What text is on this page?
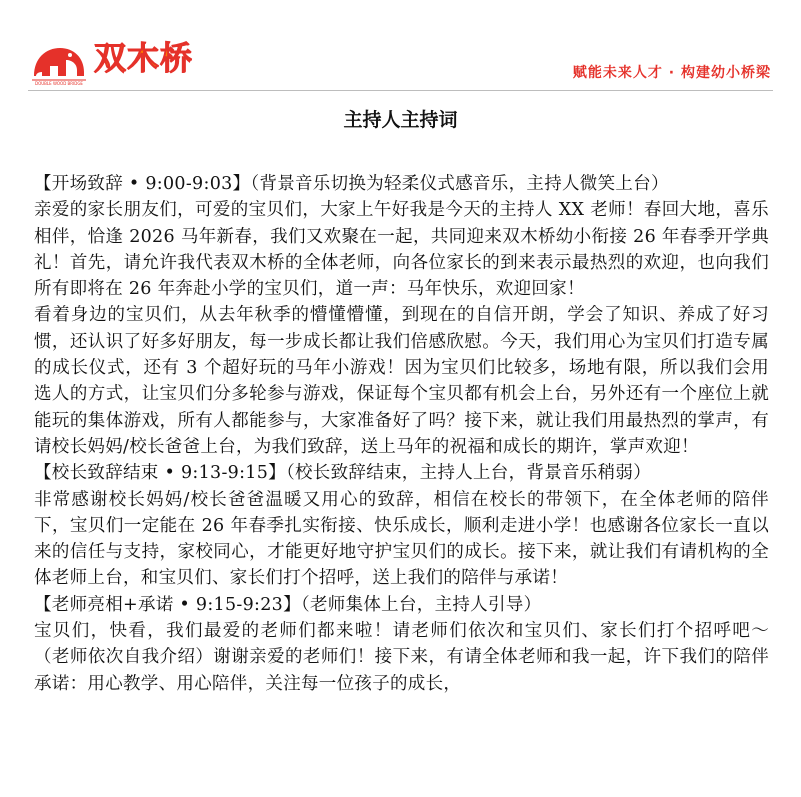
DOUBLE WOOD BRIDGE
双木桥	赋能未来人才 · 构建幼小桥梁
主持人主持词

【开场致辞 • 9:00-9:03】（背景音乐切换为轻柔仪式感音乐，主持人微笑上台）

亲爱的家长朋友们，可爱的宝贝们，大家上午好我是今天的主持人 XX 老师！春回大地，喜乐相伴，恰逢 2026 马年新春，我们又欢聚在一起，共同迎来双木桥幼小衔接 26 年春季开学典礼！首先，请允许我代表双木桥的全体老师，向各位家长的到来表示最热烈的欢迎，也向我们所有即将在 26 年奔赴小学的宝贝们，道一声：马年快乐，欢迎回家！

看着身边的宝贝们，从去年秋季的懵懂懵懂，到现在的自信开朗，学会了知识、养成了好习惯，还认识了好多好朋友，每一步成长都让我们倍感欣慰。今天，我们用心为宝贝们打造专属的成长仪式，还有 3 个超好玩的马年小游戏！因为宝贝们比较多，场地有限，所以我们会用选人的方式，让宝贝们分多轮参与游戏，保证每个宝贝都有机会上台，另外还有一个座位上就能玩的集体游戏，所有人都能参与，大家准备好了吗？接下来，就让我们用最热烈的掌声，有请校长妈妈/校长爸爸上台，为我们致辞，送上马年的祝福和成长的期许，掌声欢迎！

【校长致辞结束 • 9:13-9:15】（校长致辞结束，主持人上台，背景音乐稍弱）

非常感谢校长妈妈/校长爸爸温暖又用心的致辞，相信在校长的带领下，在全体老师的陪伴下，宝贝们一定能在 26 年春季扎实衔接、快乐成长，顺利走进小学！也感谢各位家长一直以来的信任与支持，家校同心，才能更好地守护宝贝们的成长。接下来，就让我们有请机构的全体老师上台，和宝贝们、家长们打个招呼，送上我们的陪伴与承诺！

【老师亮相+承诺 • 9:15-9:23】（老师集体上台，主持人引导）

宝贝们，快看，我们最爱的老师们都来啦！请老师们依次和宝贝们、家长们打个招呼吧～ （老师依次自我介绍）谢谢亲爱的老师们！接下来，有请全体老师和我一起，许下我们的陪伴承诺：用心教学、用心陪伴，关注每一位孩子的成长，
